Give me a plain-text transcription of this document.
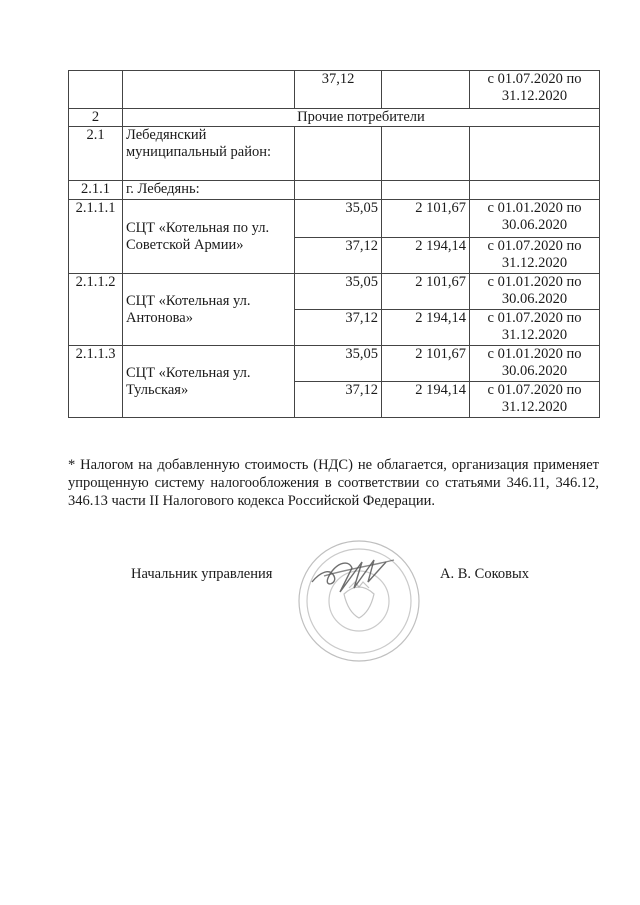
		37,12		с 01.07.2020 по 31.12.2020
2	Прочие потребители			
2.1	Лебедянский муниципальный район:			
2.1.1	г. Лебедянь:			
2.1.1.1	СЦТ «Котельная по ул. Советской Армии»	35,05	2 101,67	с 01.01.2020 по 30.06.2020
		37,12	2 194,14	с 01.07.2020 по 31.12.2020
2.1.1.2	СЦТ «Котельная ул. Антонова»	35,05	2 101,67	с 01.01.2020 по 30.06.2020
		37,12	2 194,14	с 01.07.2020 по 31.12.2020
2.1.1.3	СЦТ «Котельная ул. Тульская»	35,05	2 101,67	с 01.01.2020 по 30.06.2020
		37,12	2 194,14	с 01.07.2020 по 31.12.2020

* Налогом на добавленную стоимость (НДС) не облагается, организация применяет упрощенную систему налогообложения в соответствии со статьями 346.11, 346.12, 346.13 части II Налогового кодекса Российской Федерации.

Начальник управления	А. В. Соковых
